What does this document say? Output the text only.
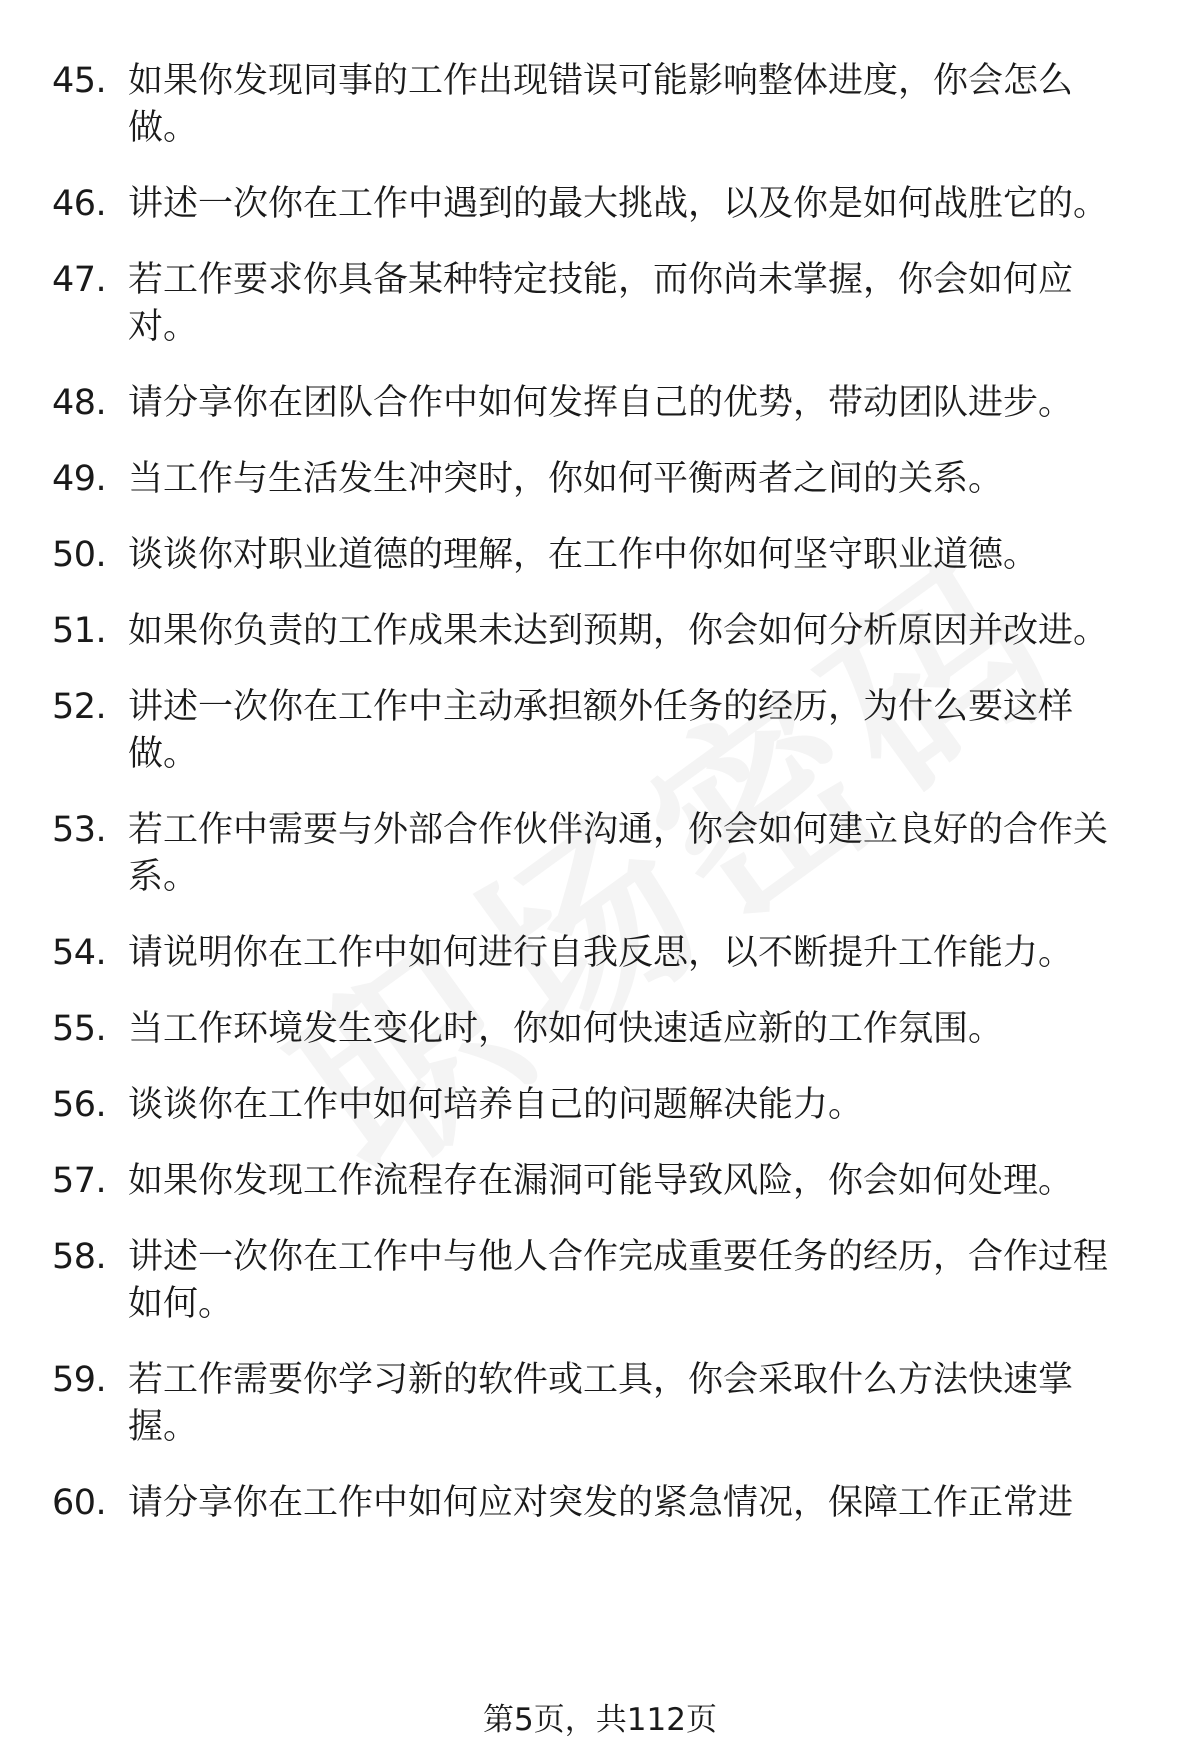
45. 如果你发现同事的工作出现错误可能影响整体进度，你会怎么做。
46. 讲述一次你在工作中遇到的最大挑战，以及你是如何战胜它的。
47. 若工作要求你具备某种特定技能，而你尚未掌握，你会如何应对。
48. 请分享你在团队合作中如何发挥自己的优势，带动团队进步。
49. 当工作与生活发生冲突时，你如何平衡两者之间的关系。
50. 谈谈你对职业道德的理解，在工作中你如何坚守职业道德。
51. 如果你负责的工作成果未达到预期，你会如何分析原因并改进。
52. 讲述一次你在工作中主动承担额外任务的经历，为什么要这样做。
53. 若工作中需要与外部合作伙伴沟通，你会如何建立良好的合作关系。
54. 请说明你在工作中如何进行自我反思，以不断提升工作能力。
55. 当工作环境发生变化时，你如何快速适应新的工作氛围。
56. 谈谈你在工作中如何培养自己的问题解决能力。
57. 如果你发现工作流程存在漏洞可能导致风险，你会如何处理。
58. 讲述一次你在工作中与他人合作完成重要任务的经历，合作过程如何。
59. 若工作需要你学习新的软件或工具，你会采取什么方法快速掌握。
60. 请分享你在工作中如何应对突发的紧急情况，保障工作正常进
第5页，共112页
